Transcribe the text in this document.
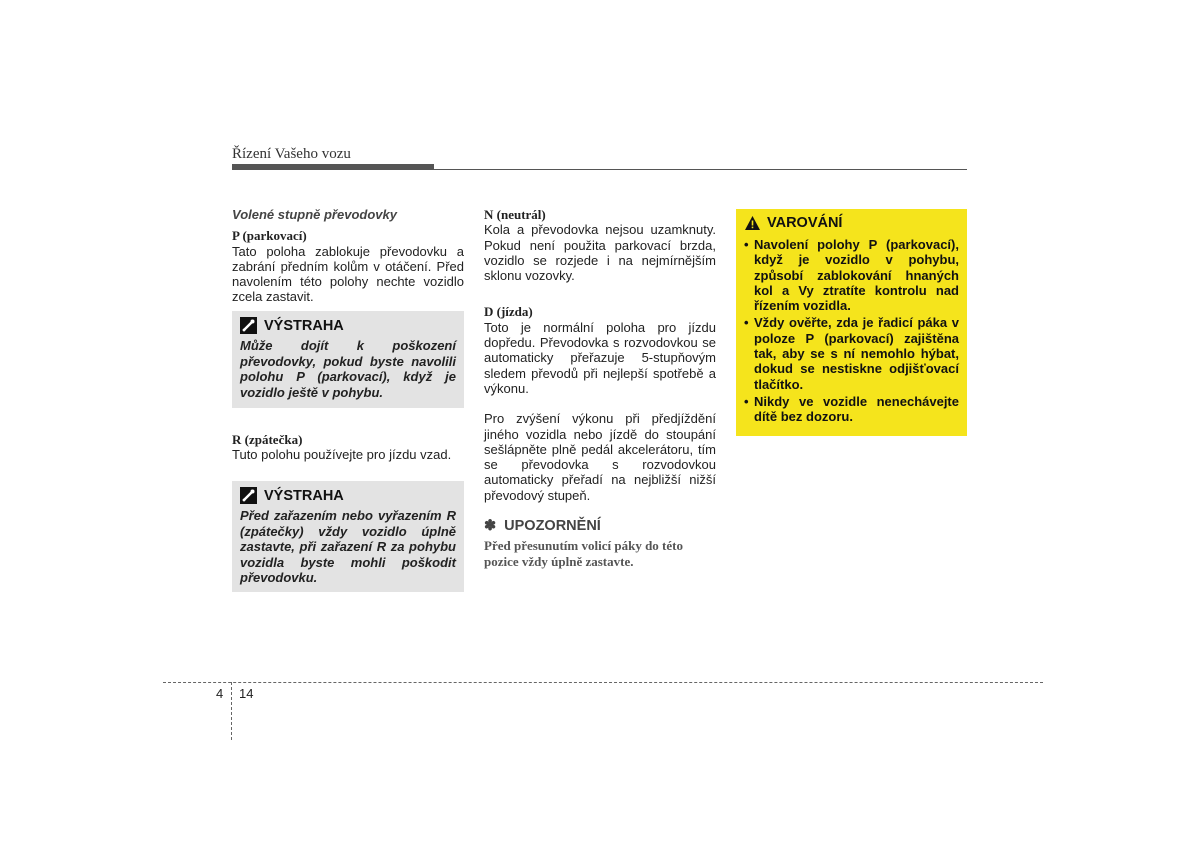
Řízení Vašeho vozu

Volené stupně převodovky

P (parkovací)

Tato poloha zablokuje převodovku a zabrání předním kolům v otáčení. Před navolením této polohy nechte vozidlo zcela zastavit.

VÝSTRAHA
Může dojít k poškození převodovky, pokud byste navolili polohu P (parkovací), když je vozidlo ještě v pohybu.

R (zpátečka)

Tuto polohu používejte pro jízdu vzad.

VÝSTRAHA
Před zařazením nebo vyřazením R (zpátečky) vždy vozidlo úplně zastavte, při zařazení R za pohybu vozidla byste mohli poškodit převodovku.

N (neutrál)

Kola a převodovka nejsou uzamknuty. Pokud není použita parkovací brzda, vozidlo se rozjede i na nejmírnějším sklonu vozovky.

D (jízda)

Toto je normální poloha pro jízdu dopředu. Převodovka s rozvodovkou se automaticky přeřazuje 5-stupňovým sledem převodů při nejlepší spotřebě a výkonu.

Pro zvýšení výkonu při předjíždění jiného vozidla nebo jízdě do stoupání sešlápněte plně pedál akcelerátoru, tím se převodovka s rozvodovkou automaticky přeřadí na nejbližší nižší převodový stupeň.

✽ UPOZORNĚNÍ

Před přesunutím volicí páky do této pozice vždy úplně zastavte.

VAROVÁNÍ
• Navolení polohy P (parkovací), když je vozidlo v pohybu, způsobí zablokování hnaných kol a Vy ztratíte kontrolu nad řízením vozidla.
• Vždy ověřte, zda je řadicí páka v poloze P (parkovací) zajištěna tak, aby se s ní nemohlo hýbat, dokud se nestiskne odjišťovací tlačítko.
• Nikdy ve vozidle nenechávejte dítě bez dozoru.
4 14
